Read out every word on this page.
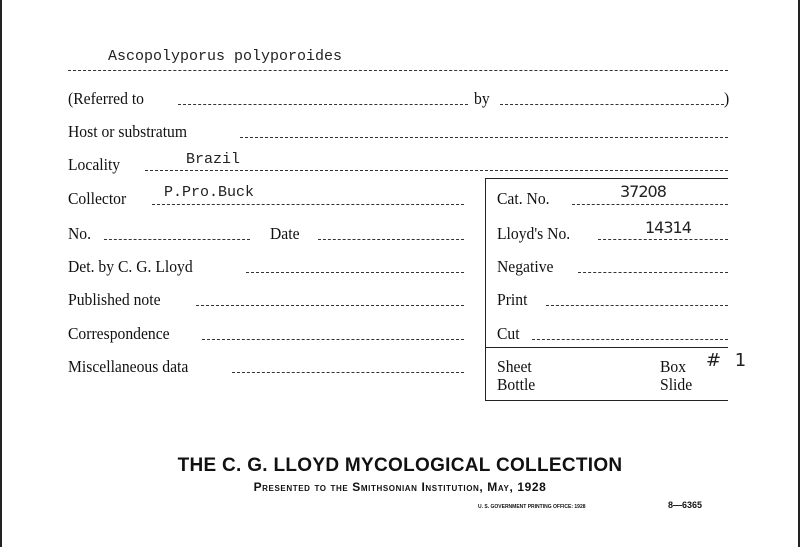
Ascopolyporus polyporoides
(Referred to	by	)
Host or substratum
Locality	Brazil
Collector	P.Pro.Buck
No.	Date
Det. by C. G. Lloyd
Published note
Correspondence
Miscellaneous data
Cat. No.	37208
Lloyd's No.	14314
Negative
Print
Cut
Sheet
Bottle
Box
Slide
# 1
THE C. G. LLOYD MYCOLOGICAL COLLECTION
Presented to the Smithsonian Institution, May, 1928
U. S. GOVERNMENT PRINTING OFFICE: 1928	8—6365
